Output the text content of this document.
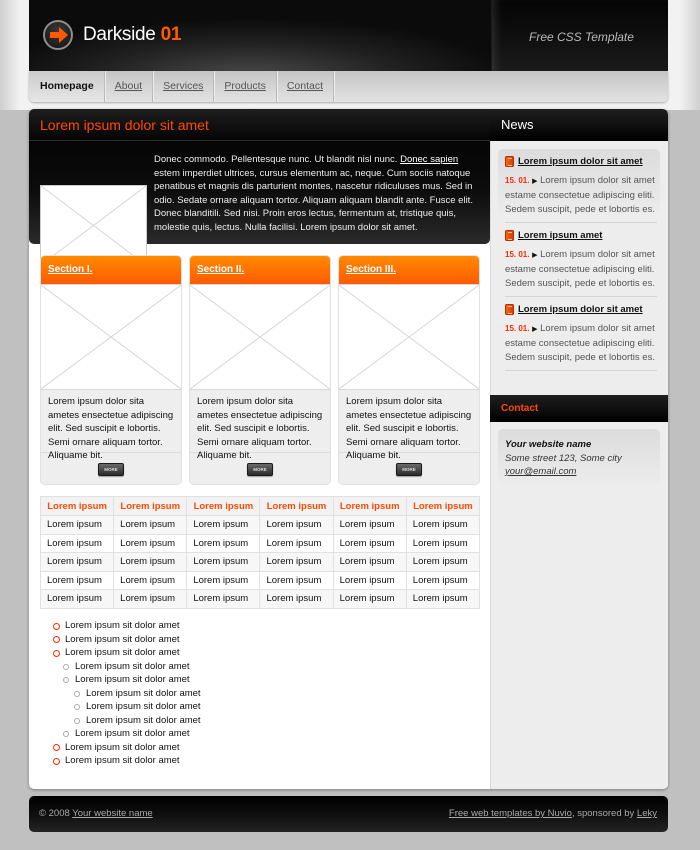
Darkside 01	Free CSS Template
Homepage	About	Services	Products	Contact
Lorem ipsum dolor sit amet
Donec commodo. Pellentesque nunc. Ut blandit nisl nunc. Donec sapien estem imperdiet ultrices, cursus elementum ac, neque. Cum sociis natoque penatibus et magnis dis parturient montes, nascetur ridiculuses mus. Sed in odio. Sedate ornare aliquam tortor. Aliquam aliquam blandit ante. Fusce elit. Donec blanditili. Sed nisi. Proin eros lectus, fermentum at, tristique quis, molestie quis, lectus. Nulla facilisi. Lorem ipsum dolor sit amet.
Section I.
Lorem ipsum dolor sita ametes ensectetue adipiscing elit. Sed suscipit e lobortis. Semi ornare aliquam tortor. Aliquame bit.
MORE
Section II.
Lorem ipsum dolor sita ametes ensectetue adipiscing elit. Sed suscipit e lobortis. Semi ornare aliquam tortor. Aliquame bit.
MORE
Section III.
Lorem ipsum dolor sita ametes ensectetue adipiscing elit. Sed suscipit e lobortis. Semi ornare aliquam tortor. Aliquame bit.
MORE
Lorem ipsum	Lorem ipsum	Lorem ipsum	Lorem ipsum	Lorem ipsum	Lorem ipsum
Lorem ipsum	Lorem ipsum	Lorem ipsum	Lorem ipsum	Lorem ipsum	Lorem ipsum
Lorem ipsum	Lorem ipsum	Lorem ipsum	Lorem ipsum	Lorem ipsum	Lorem ipsum
Lorem ipsum	Lorem ipsum	Lorem ipsum	Lorem ipsum	Lorem ipsum	Lorem ipsum
Lorem ipsum	Lorem ipsum	Lorem ipsum	Lorem ipsum	Lorem ipsum	Lorem ipsum
Lorem ipsum	Lorem ipsum	Lorem ipsum	Lorem ipsum	Lorem ipsum	Lorem ipsum
Lorem ipsum sit dolor amet
Lorem ipsum sit dolor amet
Lorem ipsum sit dolor amet
Lorem ipsum sit dolor amet
Lorem ipsum sit dolor amet
Lorem ipsum sit dolor amet
Lorem ipsum sit dolor amet
Lorem ipsum sit dolor amet
Lorem ipsum sit dolor amet
Lorem ipsum sit dolor amet
Lorem ipsum sit dolor amet
News
Lorem ipsum dolor sit amet
15. 01. ▶ Lorem ipsum dolor sit amet estame consectetue adipiscing eliti. Sedem suscipit, pede et lobortis es.
Lorem ipsum amet
15. 01. ▶ Lorem ipsum dolor sit amet estame consectetue adipiscing eliti. Sedem suscipit, pede et lobortis es.
Lorem ipsum dolor sit amet
15. 01. ▶ Lorem ipsum dolor sit amet estame consectetue adipiscing eliti. Sedem suscipit, pede et lobortis es.
Contact
Your website name
Some street 123, Some city
your@email.com
© 2008 Your website name	Free web templates by Nuvio, sponsored by Leky
